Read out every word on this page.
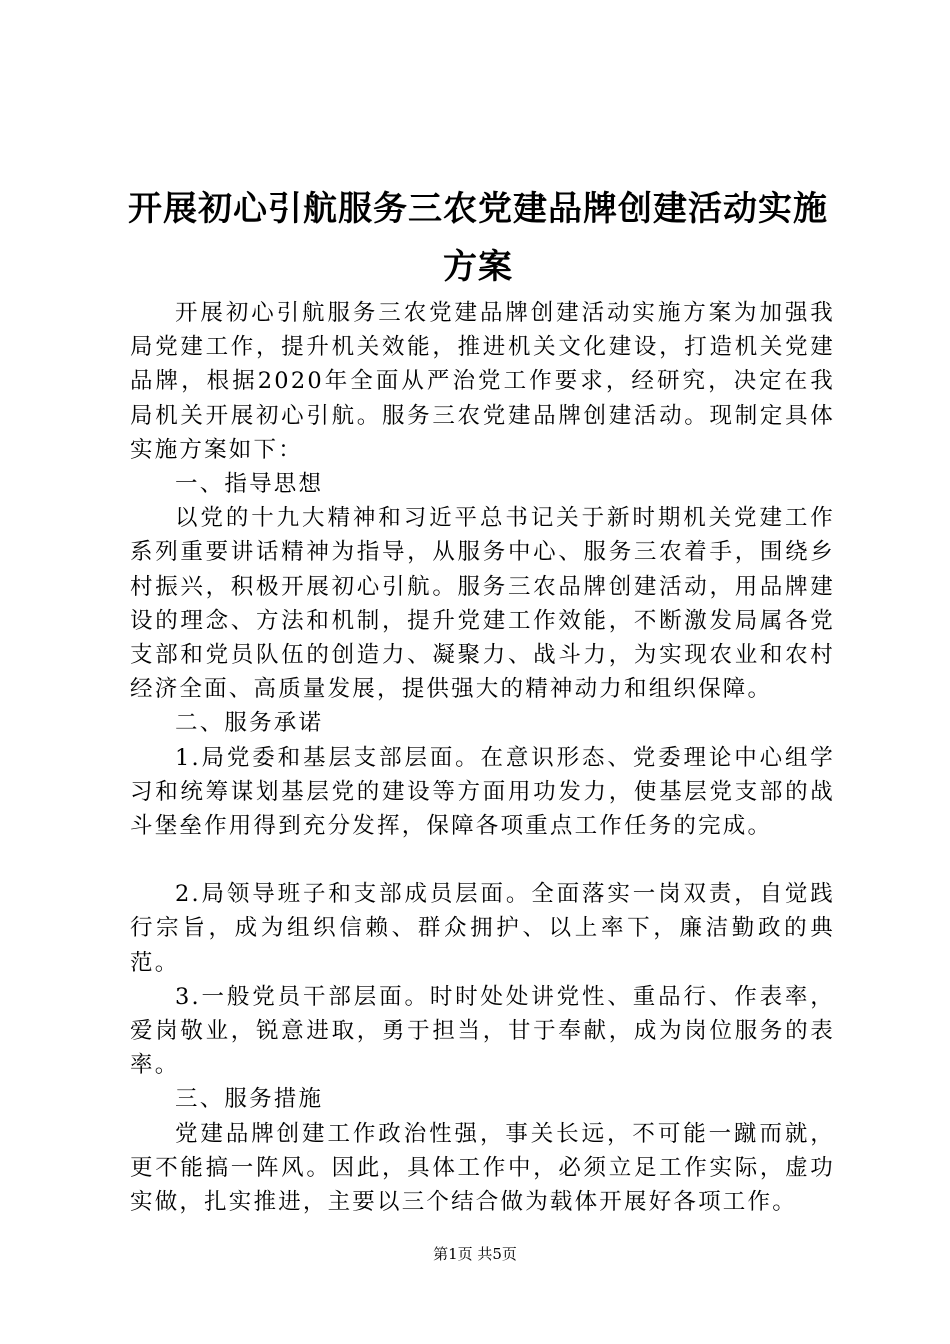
开展初心引航服务三农党建品牌创建活动实施方案

开展初心引航服务三农党建品牌创建活动实施方案为加强我局党建工作，提升机关效能，推进机关文化建设，打造机关党建品牌，根据2020年全面从严治党工作要求，经研究，决定在我局机关开展初心引航。服务三农党建品牌创建活动。现制定具体实施方案如下：

一、指导思想

以党的十九大精神和习近平总书记关于新时期机关党建工作系列重要讲话精神为指导，从服务中心、服务三农着手，围绕乡村振兴，积极开展初心引航。服务三农品牌创建活动，用品牌建设的理念、方法和机制，提升党建工作效能，不断激发局属各党支部和党员队伍的创造力、凝聚力、战斗力，为实现农业和农村经济全面、高质量发展，提供强大的精神动力和组织保障。

二、服务承诺

1.局党委和基层支部层面。在意识形态、党委理论中心组学习和统筹谋划基层党的建设等方面用功发力，使基层党支部的战斗堡垒作用得到充分发挥，保障各项重点工作任务的完成。

2.局领导班子和支部成员层面。全面落实一岗双责，自觉践行宗旨，成为组织信赖、群众拥护、以上率下，廉洁勤政的典范。

3.一般党员干部层面。时时处处讲党性、重品行、作表率，爱岗敬业，锐意进取，勇于担当，甘于奉献，成为岗位服务的表率。

三、服务措施

党建品牌创建工作政治性强，事关长远，不可能一蹴而就，更不能搞一阵风。因此，具体工作中，必须立足工作实际，虚功实做，扎实推进，主要以三个结合做为载体开展好各项工作。

第1页 共5页
